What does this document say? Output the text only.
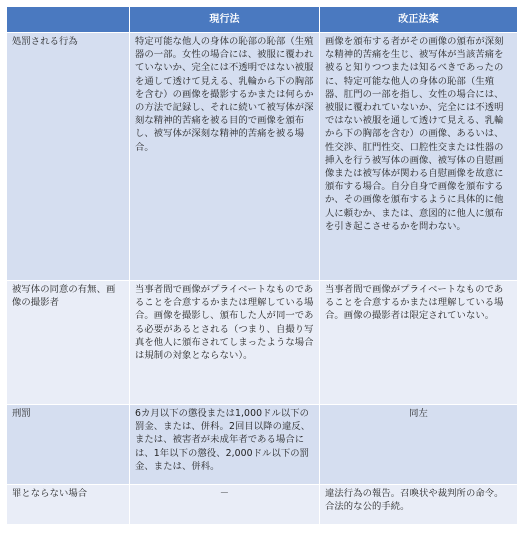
	現行法	改正法案
処罰される行為	特定可能な他人の身体の恥部の恥部（生殖器の一部。女性の場合には、被服に覆われていないか、完全には不透明ではない被服を通して透けて見える、乳輪から下の胸部を含む）の画像を撮影するかまたは何らかの方法で記録し、それに続いて被写体が深刻な精神的苦痛を被る目的で画像を頒布し、被写体が深刻な精神的苦痛を被る場合。	画像を頒布する者がその画像の頒布が深刻な精神的苦痛を生じ、被写体が当該苦痛を被ると知りつつまたは知るべきであったのに、特定可能な他人の身体の恥部（生殖器、肛門の一部を指し、女性の場合には、被服に覆われていないか、完全には不透明ではない被服を通して透けて見える、乳輪から下の胸部を含む）の画像、あるいは、性交渉、肛門性交、口腔性交または性器の挿入を行う被写体の画像、被写体の自慰画像または被写体が関わる自慰画像を故意に頒布する場合。自分自身で画像を頒布するか、その画像を頒布するように具体的に他人に頼むか、または、意図的に他人に頒布を引き起こさせるかを問わない。
被写体の同意の有無、画像の撮影者	当事者間で画像がプライベートなものであることを合意するかまたは理解している場合。画像を撮影し、頒布した人が同一である必要があるとされる（つまり、自撮り写真を他人に頒布されてしまったような場合は規制の対象とならない）。	当事者間で画像がプライベートなものであることを合意するかまたは理解している場合。画像の撮影者は限定されていない。
刑罰	6カ月以下の懲役または1,000ドル以下の罰金、または、併科。2回目以降の違反、または、被害者が未成年者である場合には、1年以下の懲役、2,000ドル以下の罰金、または、併科。	同左
罪とならない場合	－	違法行為の報告。召喚状や裁判所の命令。合法的な公的手続。
